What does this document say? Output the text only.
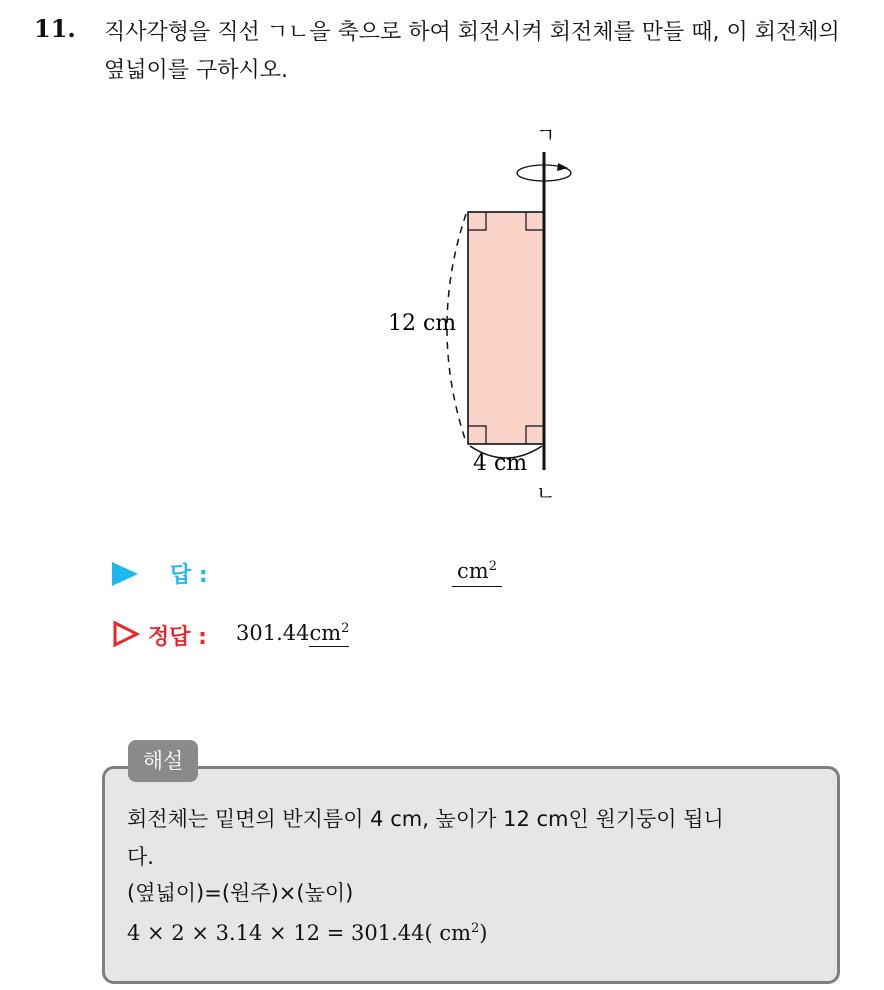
11. 직사각형을 직선 ㄱㄴ을 축으로 하여 회전시켜 회전체를 만들 때, 이 회전체의 옆넓이를 구하시오.
ㄱ
ㄴ
12 cm
4 cm
답 :	$cm^2$
정답 : $301.44cm^2$
회전체는 밑면의 반지름이 4 cm, 높이가 12 cm인 원기둥이 됩니
다.
(옆넓이)=(원주)×(높이)
4 × 2 × 3.14 × 12 = 301.44( $cm^2$)
해설
